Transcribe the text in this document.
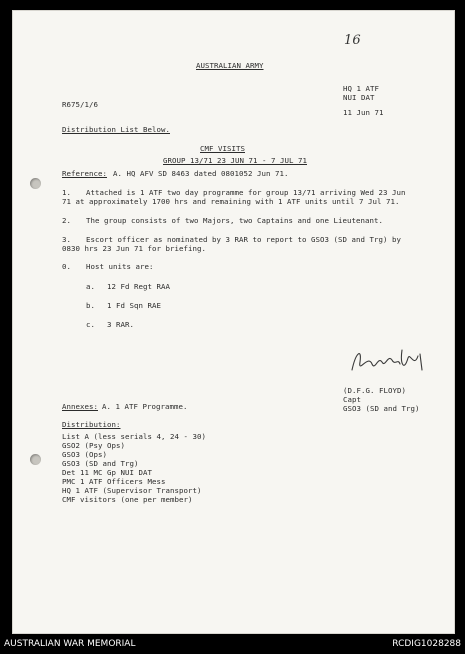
16
AUSTRALIAN ARMY
R675/1/6
HQ 1 ATF
NUI DAT
11 Jun 71
Distribution List Below.
CMF VISITS
GROUP 13/71 23 JUN 71 - 7 JUL 71
Reference: A. HQ AFV SD 8463 dated 0801052 Jun 71.
1. Attached is 1 ATF two day programme for group 13/71 arriving Wed 23 Jun
71 at approximately 1700 hrs and remaining with 1 ATF units until 7 Jul 71.
2. The group consists of two Majors, two Captains and one Lieutenant.
3. Escort officer as nominated by 3 RAR to report to GSO3 (SD and Trg) by
0830 hrs 23 Jun 71 for briefing.
0. Host units are:
a. 12 Fd Regt RAA
b. 1 Fd Sqn RAE
c. 3 RAR.
(D.F.G. FLOYD)
Capt
GSO3 (SD and Trg)
Annexes: A. 1 ATF Programme.
Distribution:
List A (less serials 4, 24 - 30)
GSO2 (Psy Ops)
GSO3 (Ops)
GSO3 (SD and Trg)
Det 11 MC Gp NUI DAT
PMC 1 ATF Officers Mess
HQ 1 ATF (Supervisor Transport)
CMF visitors (one per member)
AUSTRALIAN WAR MEMORIAL	RCDIG1028288
